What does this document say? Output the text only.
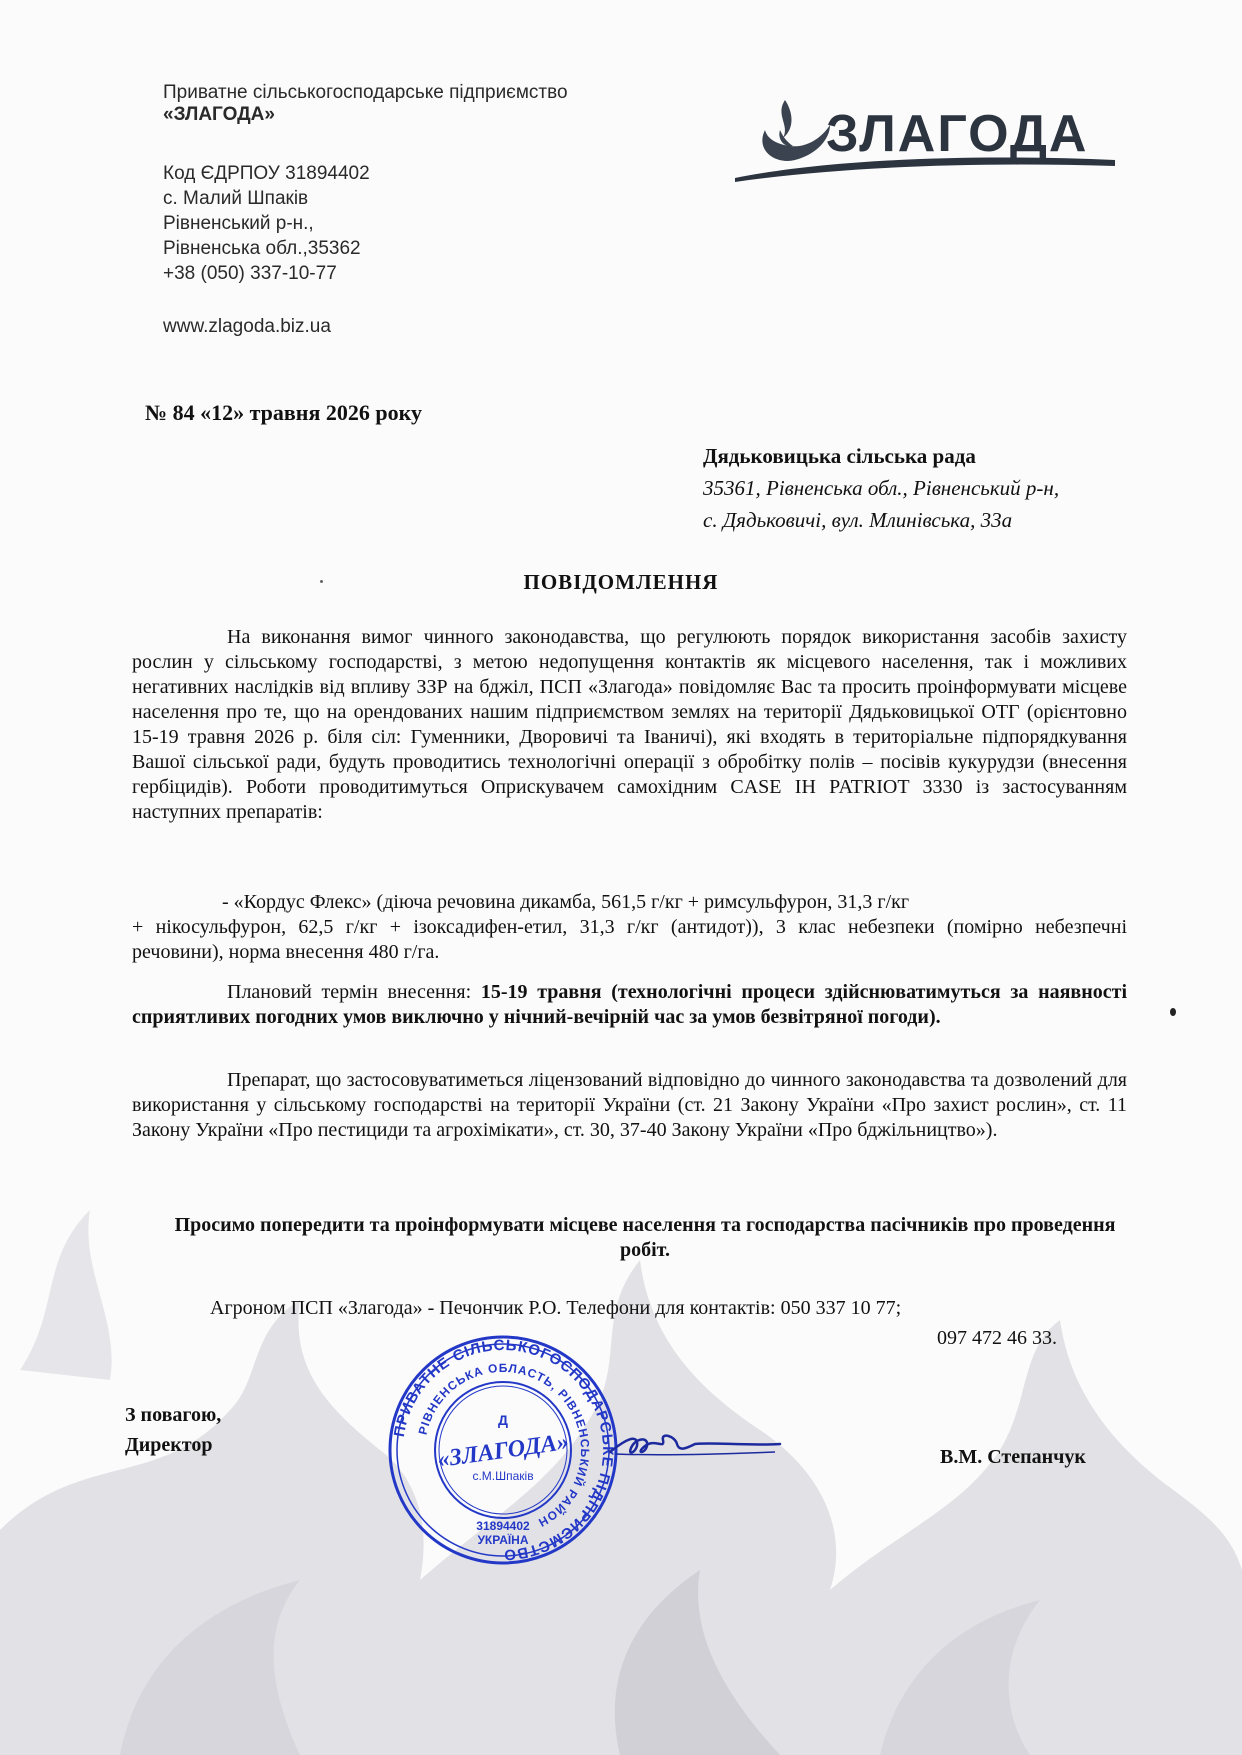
Приватне сільськогосподарське підприємство
«ЗЛАГОДА»
Код ЄДРПОУ 31894402
с. Малий Шпаків
Рівненський р-н.,
Рівненська обл.,35362
+38 (050) 337-10-77
www.zlagoda.biz.ua
ЗЛАГОДА
№ 84 «12» травня 2026 року
Дядьковицька сільська рада
35361, Рівненська обл., Рівненський р-н,
с. Дядьковичі, вул. Млинівська, 33а
ПОВІДОМЛЕННЯ
На виконання вимог чинного законодавства, що регулюють порядок використання засобів захисту рослин у сільському господарстві, з метою недопущення контактів як місцевого населення, так і можливих негативних наслідків від впливу ЗЗР на бджіл, ПСП «Злагода» повідомляє Вас та просить проінформувати місцеве населення про те, що на орендованих нашим підприємством землях на території Дядьковицької ОТГ (орієнтовно 15-19 травня 2026 р. біля сіл: Гуменники, Дворовичі та Іваничі), які входять в територіальне підпорядкування Вашої сільської ради, будуть проводитись технологічні операції з обробітку полів – посівів кукурудзи (внесення гербіцидів). Роботи проводитимуться Оприскувачем самохідним CASE IH PATRIOT 3330 із застосуванням наступних препаратів:
- «Кордус Флекс» (діюча речовина дикамба, 561,5 г/кг + римсульфурон, 31,3 г/кг
+ нікосульфурон, 62,5 г/кг + ізоксадифен-етил, 31,3 г/кг (антидот)), 3 клас небезпеки (помірно небезпечні речовини), норма внесення 480 г/га.
Плановий термін внесення: 15-19 травня (технологічні процеси здійснюватимуться за наявності сприятливих погодних умов виключно у нічний-вечірній час за умов безвітряної погоди).
Препарат, що застосовуватиметься ліцензований відповідно до чинного законодавства та дозволений для використання у сільському господарстві на території України (ст. 21 Закону України «Про захист рослин», ст. 11 Закону України «Про пестициди та агрохімікати», ст. 30, 37-40 Закону України «Про бджільництво»).
Просимо попередити та проінформувати місцеве населення та господарства пасічників про проведення робіт.
Агроном ПСП «Злагода» - Печончик Р.О. Телефони для контактів: 050 337 10 77;
097 472 46 33.
З повагою,
Директор
В.М. Степанчук
ПРИВАТНЕ СІЛЬСЬКОГОСПОДАРСЬКЕ ПІДПРИЄМСТВО
РІВНЕНСЬКА ОБЛАСТЬ, РІВНЕНСЬКИЙ РАЙОН
Д
«ЗЛАГОДА»
с.М.Шпаків
31894402
УКРАЇНА
